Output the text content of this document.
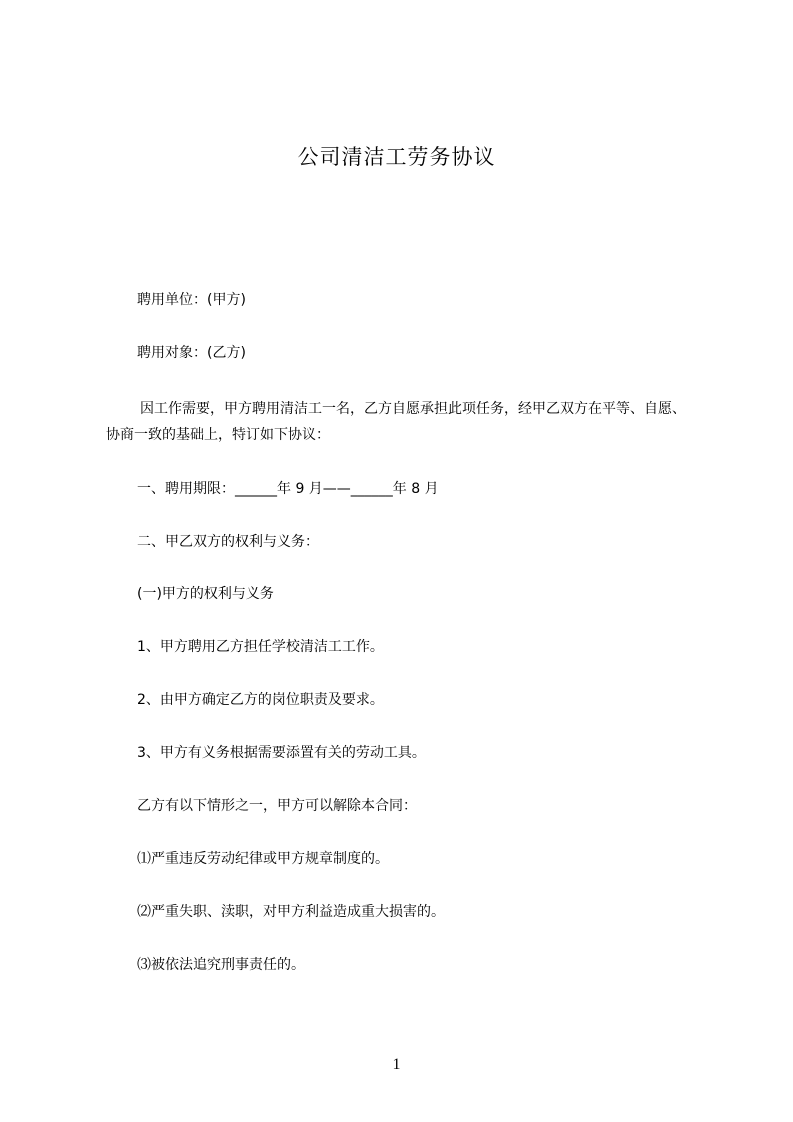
公司清洁工劳务协议
聘用单位：(甲方)
聘用对象：(乙方)
因工作需要，甲方聘用清洁工一名，乙方自愿承担此项任务，经甲乙双方在平等、自愿、协商一致的基础上，特订如下协议：
一、聘用期限：______年 9 月——______年 8 月
二、甲乙双方的权利与义务：
(一)甲方的权利与义务
1、甲方聘用乙方担任学校清洁工工作。
2、由甲方确定乙方的岗位职责及要求。
3、甲方有义务根据需要添置有关的劳动工具。
乙方有以下情形之一，甲方可以解除本合同：
⑴严重违反劳动纪律或甲方规章制度的。
⑵严重失职、渎职，对甲方利益造成重大损害的。
⑶被依法追究刑事责任的。
1
